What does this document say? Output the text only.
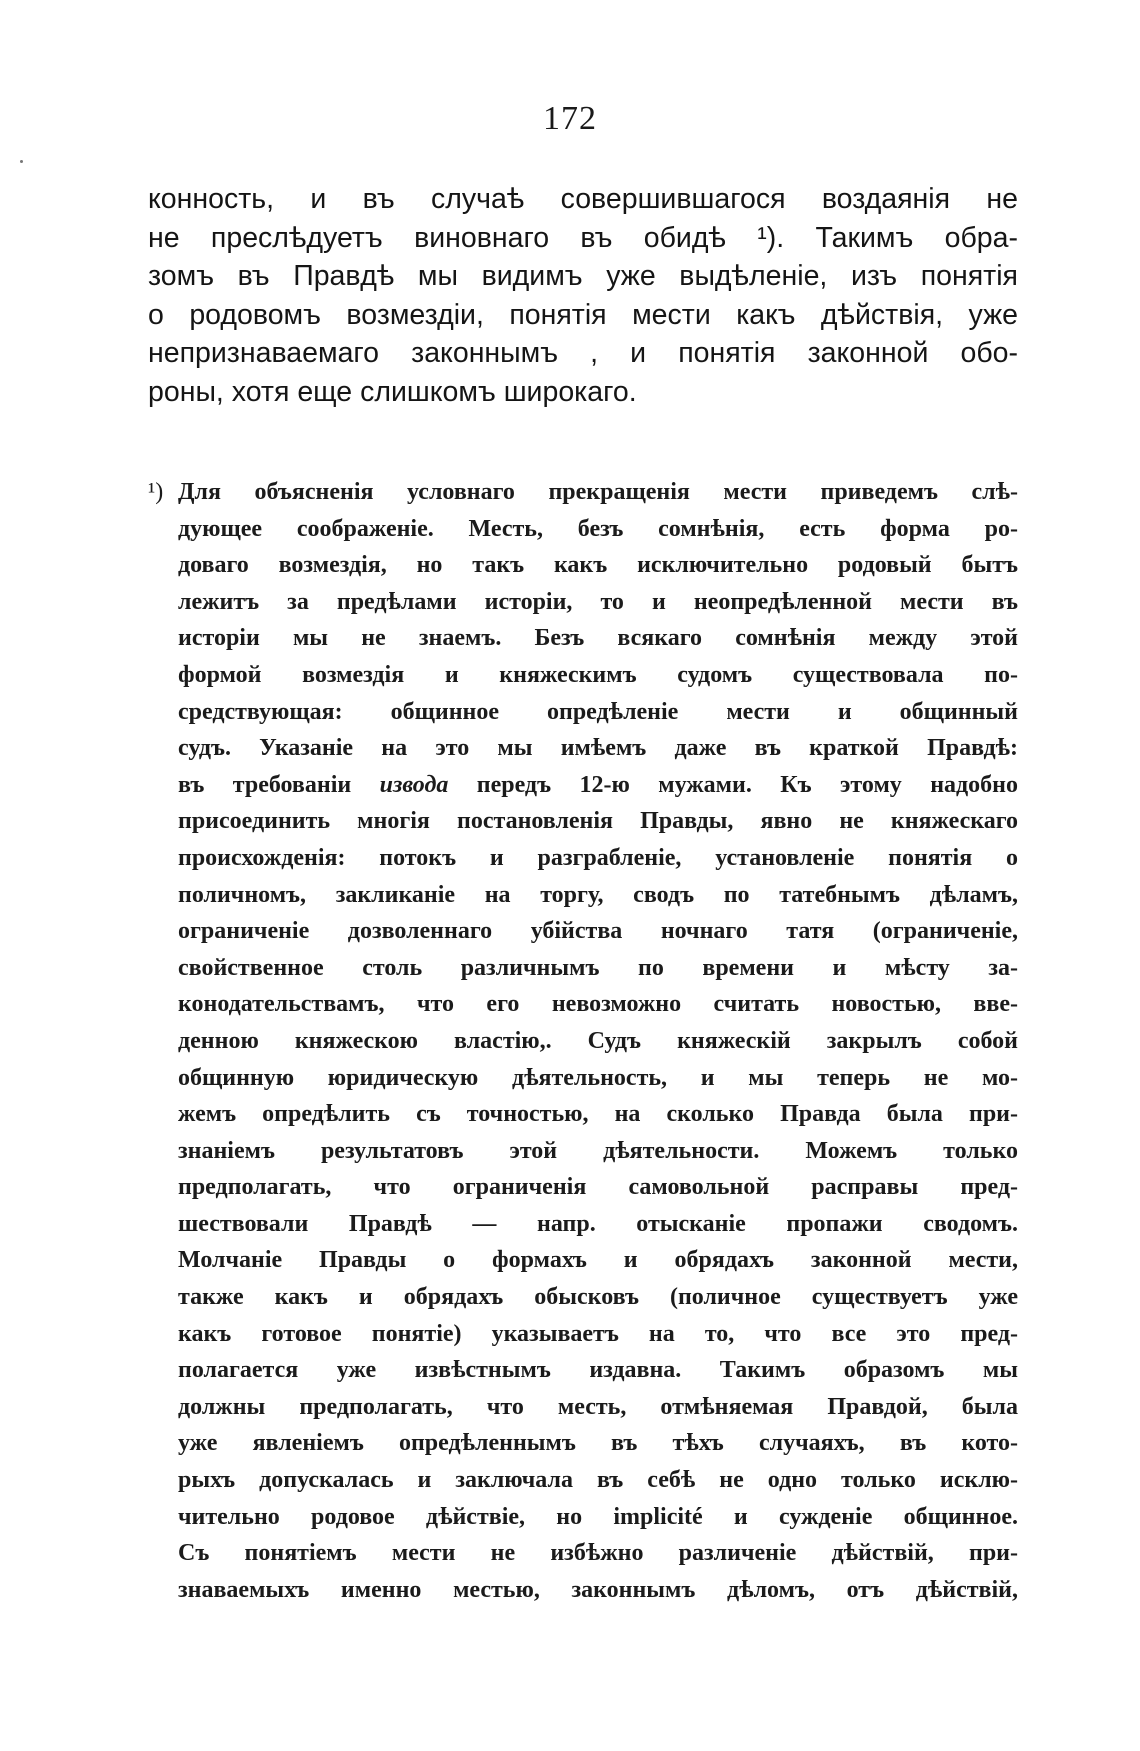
172
конность, и въ случаѣ совершившагося воздаянія не
не преслѣдуетъ виновнаго въ обидѣ ¹). Такимъ обра-
зомъ въ Правдѣ мы видимъ уже выдѣленіе, изъ понятія
о родовомъ возмездіи, понятія мести какъ дѣйствія, уже
непризнаваемаго законнымъ , и понятія законной обо-
роны, хотя еще слишкомъ широкаго.
¹) Для объясненія условнаго прекращенія мести приведемъ слѣ-
дующее соображеніе. Месть, безъ сомнѣнія, есть форма ро-
доваго возмездія, но такъ какъ исключительно родовый бытъ
лежитъ за предѣлами исторіи, то и неопредѣленной мести въ
исторіи мы не знаемъ. Безъ всякаго сомнѣнія между этой
формой возмездія и княжескимъ судомъ существовала по-
средствующая: общинное опредѣленіе мести и общинный
судъ. Указаніе на это мы имѣемъ даже въ краткой Правдѣ:
въ требованіи извода передъ 12-ю мужами. Къ этому надобно
присоединить многія постановленія Правды, явно не княжескаго
происхожденія: потокъ и разграбленіе, установленіе понятія о
поличномъ, закликаніе на торгу, сводъ по татебнымъ дѣламъ,
ограниченіе дозволеннаго убійства ночнаго татя (ограниченіе,
свойственное столь различнымъ по времени и мѣсту за-
конодательствамъ, что его невозможно считать новостью, вве-
денною княжескою властію,. Судъ княжескій закрылъ собой
общинную юридическую дѣятельность, и мы теперь не мо-
жемъ опредѣлить съ точностью, на сколько Правда была при-
знаніемъ результатовъ этой дѣятельности. Можемъ только
предполагать, что ограниченія самовольной расправы пред-
шествовали Правдѣ — напр. отысканіе пропажи сводомъ.
Молчаніе Правды о формахъ и обрядахъ законной мести,
также какъ и обрядахъ обысковъ (поличное существуетъ уже
какъ готовое понятіе) указываетъ на то, что все это пред-
полагается уже извѣстнымъ издавна. Такимъ образомъ мы
должны предполагать, что месть, отмѣняемая Правдой, была
уже явленіемъ опредѣленнымъ въ тѣхъ случаяхъ, въ кото-
рыхъ допускалась и заключала въ себѣ не одно только исклю-
чительно родовое дѣйствіе, но implicité и сужденіе общинное.
Съ понятіемъ мести не избѣжно различеніе дѣйствій, при-
знаваемыхъ именно местью, законнымъ дѣломъ, отъ дѣйствій,
